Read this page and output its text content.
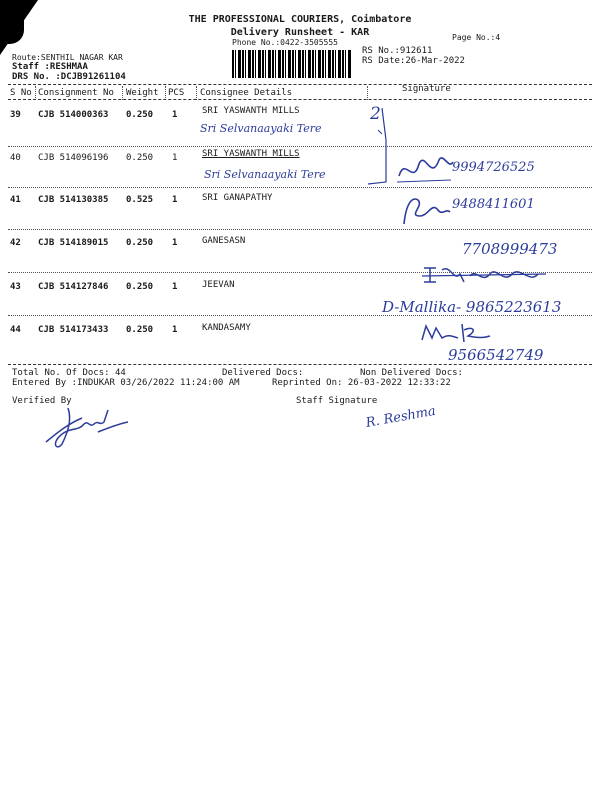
THE PROFESSIONAL COURIERS, Coimbatore
Delivery Runsheet - KAR
Phone No.:0422-3505555
Page No.:4
Route:SENTHIL NAGAR KAR
Staff :RESHMAA
DRS No. :DCJB91261104
RS No.:912611
RS Date:26-Mar-2022
S No Consignment No Weight PCS Consignee Details	Signature
39 CJB 514000363 0.250 1	SRI YASWANTH MILLS
Sri Selvanaayaki Tere
2
40 CJB 514096196 0.250 1	SRI YASWANTH MILLS
Sri Selvanaayaki Tere	9994726525
41 CJB 514130385 0.525 1	SRI GANAPATHY	9488411601
42 CJB 514189015 0.250 1	GANESASN	7708999473
43 CJB 514127846 0.250 1	JEEVAN
D-Mallika- 9865223613
44 CJB 514173433 0.250 1	KANDASAMY
9566542749
Total No. Of Docs: 44	Delivered Docs:	Non Delivered Docs:
Entered By :INDUKAR 03/26/2022 11:24:00 AM	Reprinted On: 26-03-2022 12:33:22
Verified By	Staff Signature
R. Reshma
